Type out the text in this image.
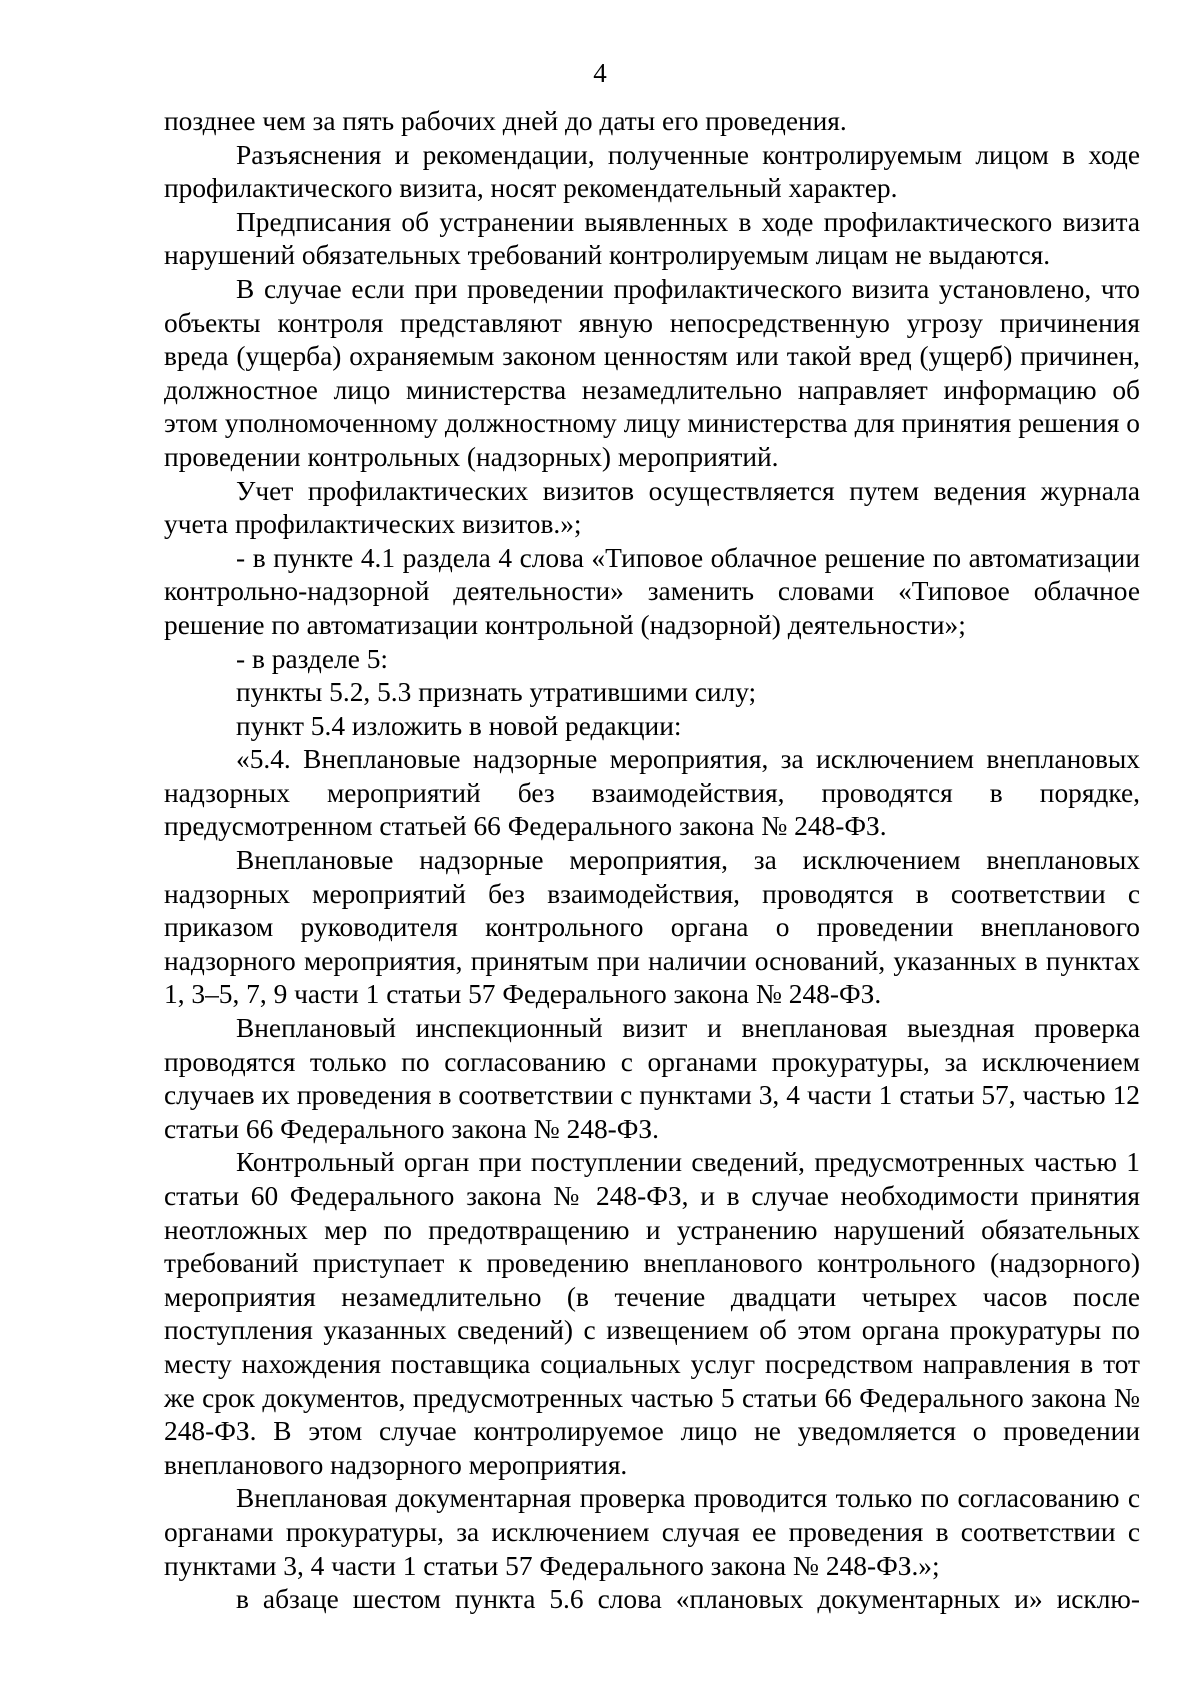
4

позднее чем за пять рабочих дней до даты его проведения.

Разъяснения и рекомендации, полученные контролируемым лицом в ходе профилактического визита, носят рекомендательный характер.

Предписания об устранении выявленных в ходе профилактического визита нарушений обязательных требований контролируемым лицам не выдаются.

В случае если при проведении профилактического визита установлено, что объекты контроля представляют явную непосредственную угрозу причинения вреда (ущерба) охраняемым законом ценностям или такой вред (ущерб) причинен, должностное лицо министерства незамедлительно направляет информацию об этом уполномоченному должностному лицу министерства для принятия решения о проведении контрольных (надзорных) мероприятий.

Учет профилактических визитов осуществляется путем ведения журнала учета профилактических визитов.»;

- в пункте 4.1 раздела 4 слова «Типовое облачное решение по автоматизации контрольно-надзорной деятельности» заменить словами «Типовое облачное решение по автоматизации контрольной (надзорной) деятельности»;

- в разделе 5:

пункты 5.2, 5.3 признать утратившими силу;

пункт 5.4 изложить в новой редакции:

«5.4. Внеплановые надзорные мероприятия, за исключением внеплановых надзорных мероприятий без взаимодействия, проводятся в порядке, предусмотренном статьей 66 Федерального закона № 248-ФЗ.

Внеплановые надзорные мероприятия, за исключением внеплановых надзорных мероприятий без взаимодействия, проводятся в соответствии с приказом руководителя контрольного органа о проведении внепланового надзорного мероприятия, принятым при наличии оснований, указанных в пунктах 1, 3–5, 7, 9 части 1 статьи 57 Федерального закона № 248-ФЗ.

Внеплановый инспекционный визит и внеплановая выездная проверка проводятся только по согласованию с органами прокуратуры, за исключением случаев их проведения в соответствии с пунктами 3, 4 части 1 статьи 57, частью 12 статьи 66 Федерального закона № 248-ФЗ.

Контрольный орган при поступлении сведений, предусмотренных частью 1 статьи 60 Федерального закона № 248-ФЗ, и в случае необходимости принятия неотложных мер по предотвращению и устранению нарушений обязательных требований приступает к проведению внепланового контрольного (надзорного) мероприятия незамедлительно (в течение двадцати четырех часов после поступления указанных сведений) с извещением об этом органа прокуратуры по месту нахождения поставщика социальных услуг посредством направления в тот же срок документов, предусмотренных частью 5 статьи 66 Федерального закона № 248-ФЗ. В этом случае контролируемое лицо не уведомляется о проведении внепланового надзорного мероприятия.

Внеплановая документарная проверка проводится только по согласованию с органами прокуратуры, за исключением случая ее проведения в соответствии с пунктами 3, 4 части 1 статьи 57 Федерального закона № 248-ФЗ.»;

в абзаце шестом пункта 5.6 слова «плановых документарных и» исклю-
